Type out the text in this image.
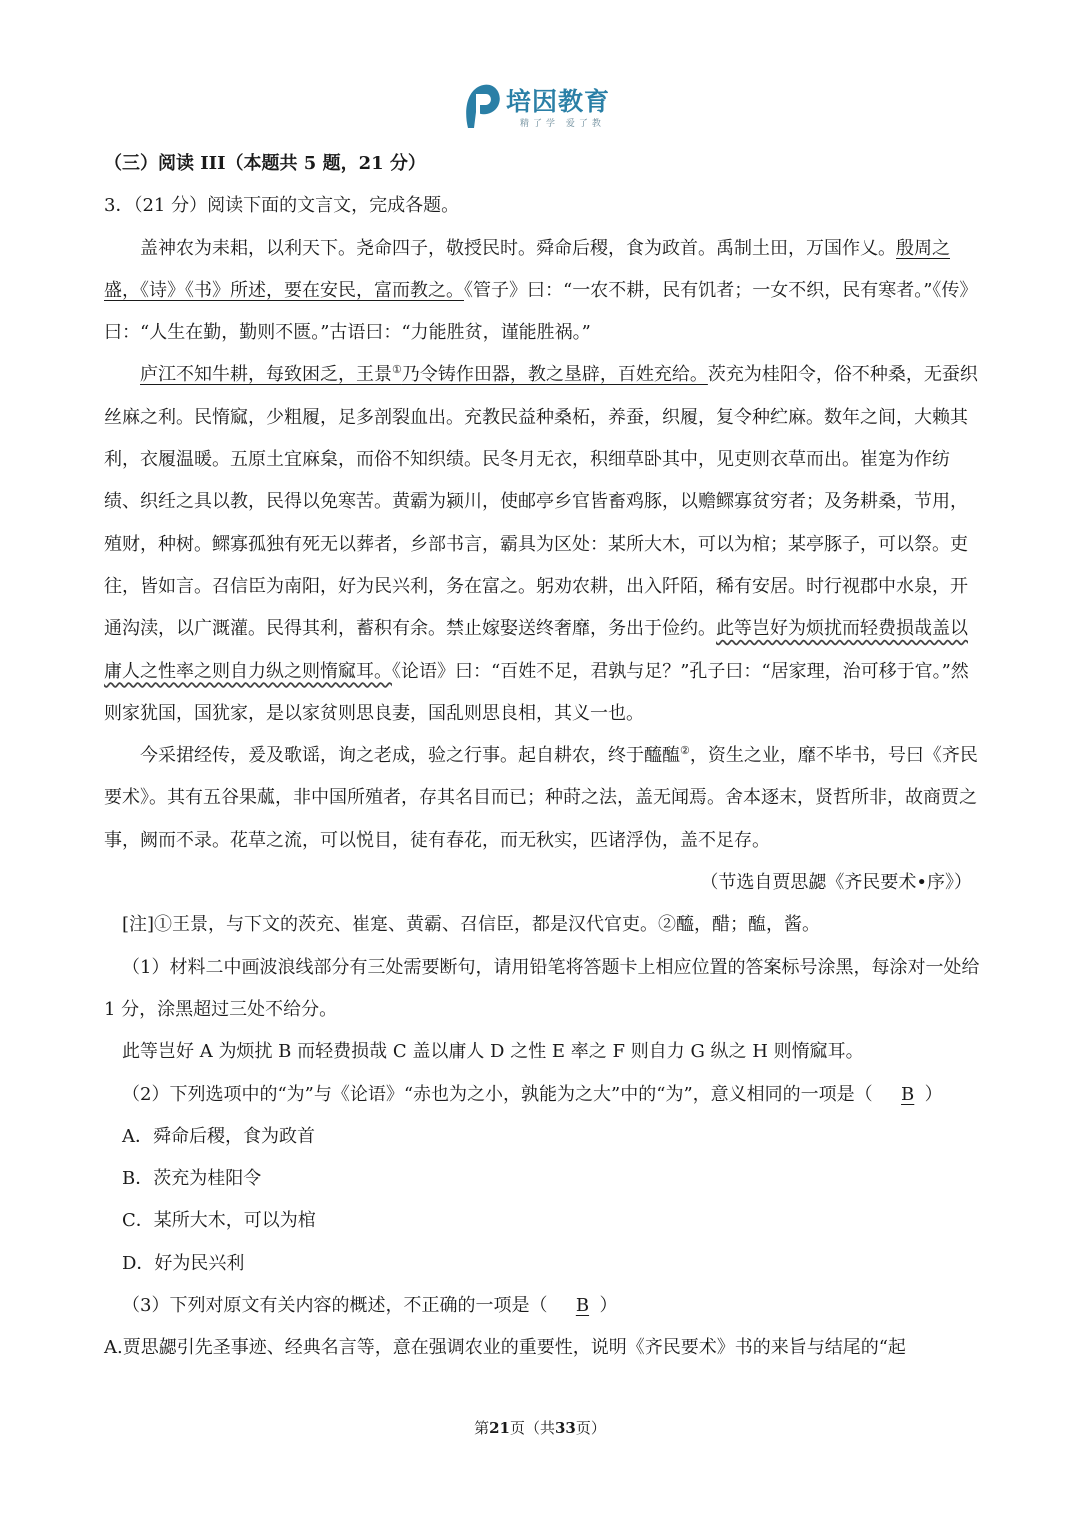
培因教育
精了学 爱了教

（三）阅读 III（本题共 5 题，21 分）

3．（21 分）阅读下面的文言文，完成各题。

盖神农为耒耜，以利天下。尧命四子，敬授民时。舜命后稷，食为政首。禹制土田，万国作乂。殷周之盛，《诗》《书》所述，要在安民，富而教之。《管子》曰：“一农不耕，民有饥者；一女不织，民有寒者。”《传》曰：“人生在勤，勤则不匮。”古语曰：“力能胜贫，谨能胜祸。”

庐江不知牛耕，每致困乏，王景①乃令铸作田器，教之垦辟，百姓充给。茨充为桂阳令，俗不种桑，无蚕织丝麻之利。民惰窳，少粗履，足多剖裂血出。充教民益种桑柘，养蚕，织履，复令种纻麻。数年之间，大赖其利，衣履温暖。五原土宜麻枲，而俗不知织绩。民冬月无衣，积细草卧其中，见吏则衣草而出。崔寔为作纺绩、织纴之具以教，民得以免寒苦。黄霸为颍川，使邮亭乡官皆畜鸡豚，以赡鳏寡贫穷者；及务耕桑，节用，殖财，种树。鳏寡孤独有死无以葬者，乡部书言，霸具为区处：某所大木，可以为棺；某亭豚子，可以祭。吏往，皆如言。召信臣为南阳，好为民兴利，务在富之。躬劝农耕，出入阡陌，稀有安居。时行视郡中水泉，开通沟渎，以广溉灌。民得其利，蓄积有余。禁止嫁娶送终奢靡，务出于俭约。此等岂好为烦扰而轻费损哉盖以庸人之性率之则自力纵之则惰窳耳。《论语》曰：“百姓不足，君孰与足？”孔子曰：“居家理，治可移于官。”然则家犹国，国犹家，是以家贫则思良妻，国乱则思良相，其义一也。

今采捃经传，爰及歌谣，询之老成，验之行事。起自耕农，终于醯醢②，资生之业，靡不毕书，号曰《齐民要术》。其有五谷果蓏，非中国所殖者，存其名目而已；种莳之法，盖无闻焉。舍本逐末，贤哲所非，故商贾之事，阙而不录。花草之流，可以悦目，徒有春花，而无秋实，匹诸浮伪，盖不足存。

（节选自贾思勰《齐民要术•序》）

[注]①王景，与下文的茨充、崔寔、黄霸、召信臣，都是汉代官吏。②醯，醋；醢，酱。

（1）材料二中画波浪线部分有三处需要断句，请用铅笔将答题卡上相应位置的答案标号涂黑，每涂对一处给 1 分，涂黑超过三处不给分。

此等岂好 A 为烦扰 B 而轻费损哉 C 盖以庸人 D 之性 E 率之 F 则自力 G 纵之 H 则惰窳耳。

（2）下列选项中的“为”与《论语》“赤也为之小，孰能为之大”中的“为”，意义相同的一项是（ B ）

A．舜命后稷，食为政首

B．茨充为桂阳令

C．某所大木，可以为棺

D．好为民兴利

（3）下列对原文有关内容的概述，不正确的一项是（ B ）

A.贾思勰引先圣事迹、经典名言等，意在强调农业的重要性，说明《齐民要术》书的来旨与结尾的“起

第21页（共33页）
